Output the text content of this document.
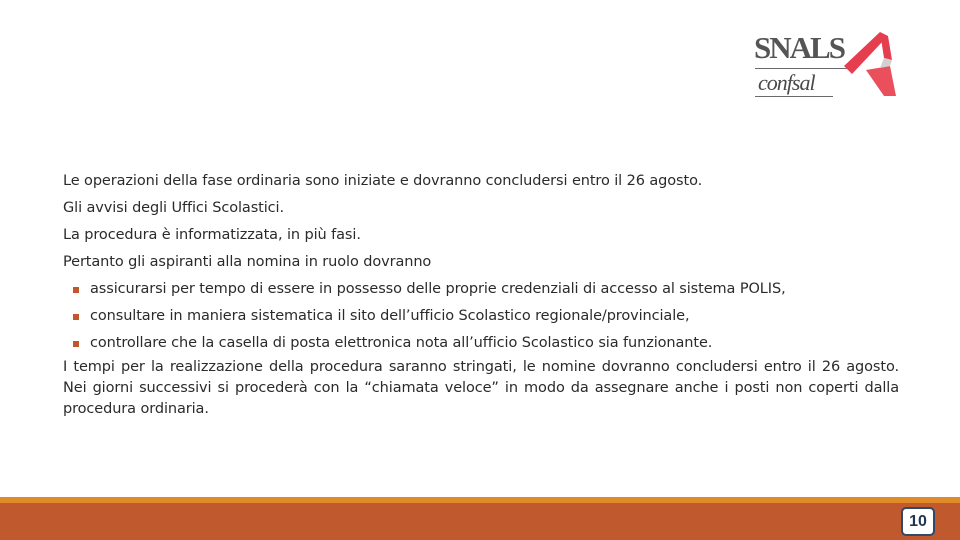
SNALS
confsal
Le operazioni della fase ordinaria sono iniziate e dovranno concludersi entro il 26 agosto.
Gli avvisi degli Uffici Scolastici.
La procedura è informatizzata, in più fasi.
Pertanto gli aspiranti alla nomina in ruolo dovranno
assicurarsi per tempo di essere in possesso delle proprie credenziali di accesso al sistema POLIS,
consultare in maniera sistematica il sito dell’ufficio Scolastico regionale/provinciale,
controllare che la casella di posta elettronica nota all’ufficio Scolastico sia funzionante.
I tempi per la realizzazione della procedura saranno stringati, le nomine dovranno concludersi entro il 26 agosto. Nei giorni successivi si procederà con la “chiamata veloce” in modo da assegnare anche i posti non coperti dalla procedura ordinaria.
10
